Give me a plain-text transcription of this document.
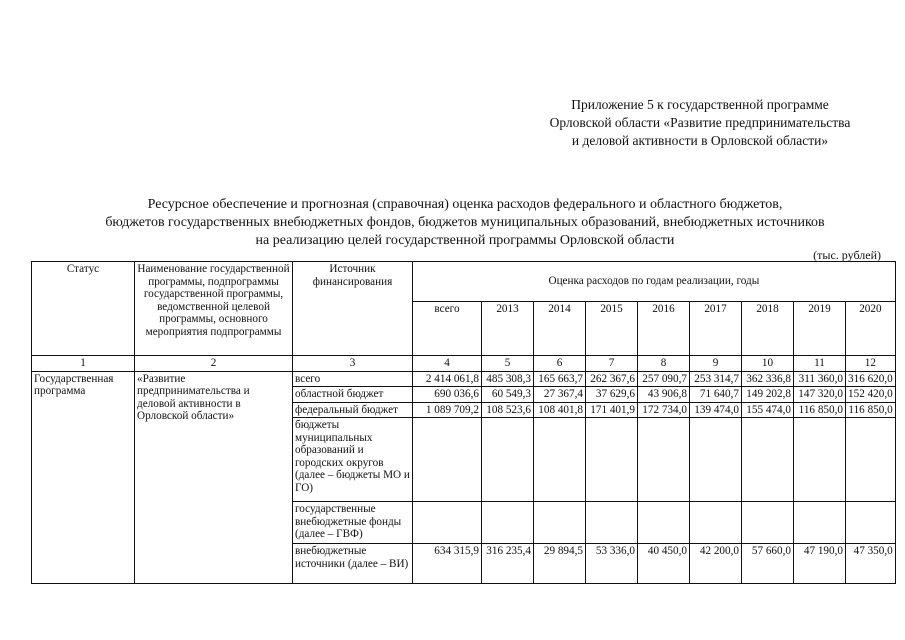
Приложение 5 к государственной программе
Орловской области «Развитие предпринимательства
и деловой активности в Орловской области»
Ресурсное обеспечение и прогнозная (справочная) оценка расходов федерального и областного бюджетов,
бюджетов государственных внебюджетных фондов, бюджетов муниципальных образований, внебюджетных источников
на реализацию целей государственной программы Орловской области
(тыс. рублей)
Статус	Наименование государственной программы, подпрограммы государственной программы, ведомственной целевой программы, основного мероприятия подпрограммы	Источник финансирования	Оценка расходов по годам реализации, годы								
			всего	2013	2014	2015	2016	2017	2018	2019	2020
1	2	3	4	5	6	7	8	9	10	11	12
Государственная программа	«Развитие предпринимательства и деловой активности в Орловской области»	всего	2 414 061,8	485 308,3	165 663,7	262 367,6	257 090,7	253 314,7	362 336,8	311 360,0	316 620,0
		областной бюджет	690 036,6	60 549,3	27 367,4	37 629,6	43 906,8	71 640,7	149 202,8	147 320,0	152 420,0
		федеральный бюджет	1 089 709,2	108 523,6	108 401,8	171 401,9	172 734,0	139 474,0	155 474,0	116 850,0	116 850,0
		бюджеты муниципальных образований и городских округов (далее – бюджеты МО и ГО)									
		государственные внебюджетные фонды (далее – ГВФ)									
		внебюджетные источники (далее – ВИ)	634 315,9	316 235,4	29 894,5	53 336,0	40 450,0	42 200,0	57 660,0	47 190,0	47 350,0
